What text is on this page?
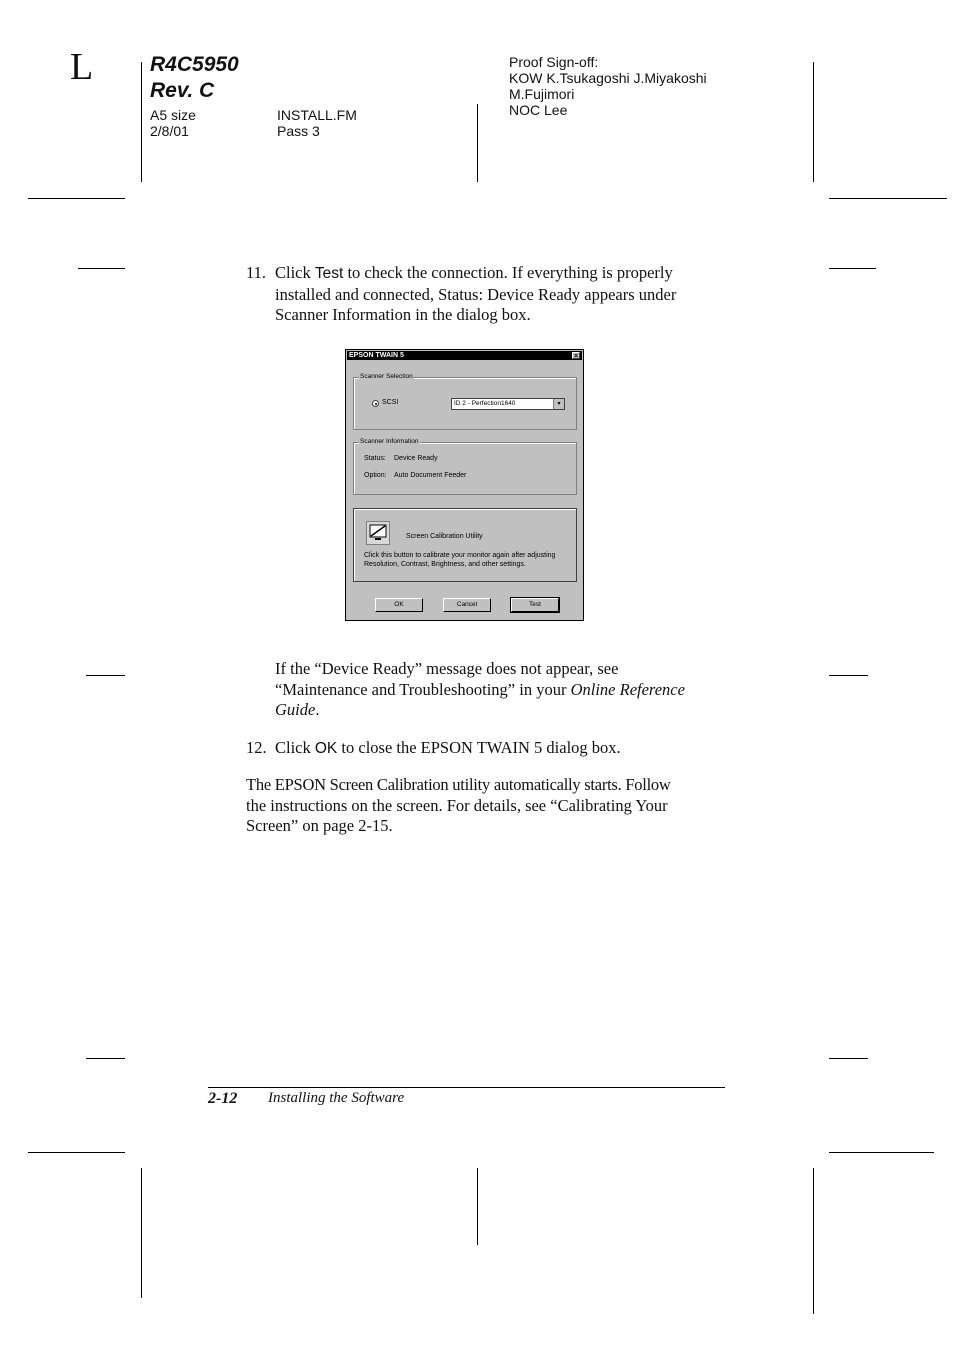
L	R4C5950
Rev. C
A5 size
2/8/01
INSTALL.FM
Pass 3
Proof Sign-off:
KOW K.Tsukagoshi J.Miyakoshi
M.Fujimori
NOC Lee
11. Click Test to check the connection. If everything is properly
installed and connected, Status: Device Ready appears under
Scanner Information in the dialog box.
EPSON TWAIN 5	×
Scanner Selection
SCSI	ID 2 - Perfection1640	▾
Scanner Information
Status: Device Ready
Option: Auto Document Feeder
Screen Calibration Utility
Click this button to calibrate your monitor again after adjusting
Resolution, Contrast, Brightness, and other settings.
OK	Cancel	Test
If the “Device Ready” message does not appear, see
“Maintenance and Troubleshooting” in your Online Reference
Guide.
12. Click OK to close the EPSON TWAIN 5 dialog box.
The EPSON Screen Calibration utility automatically starts. Follow
the instructions on the screen. For details, see “Calibrating Your
Screen” on page 2-15.
2-12 Installing the Software
